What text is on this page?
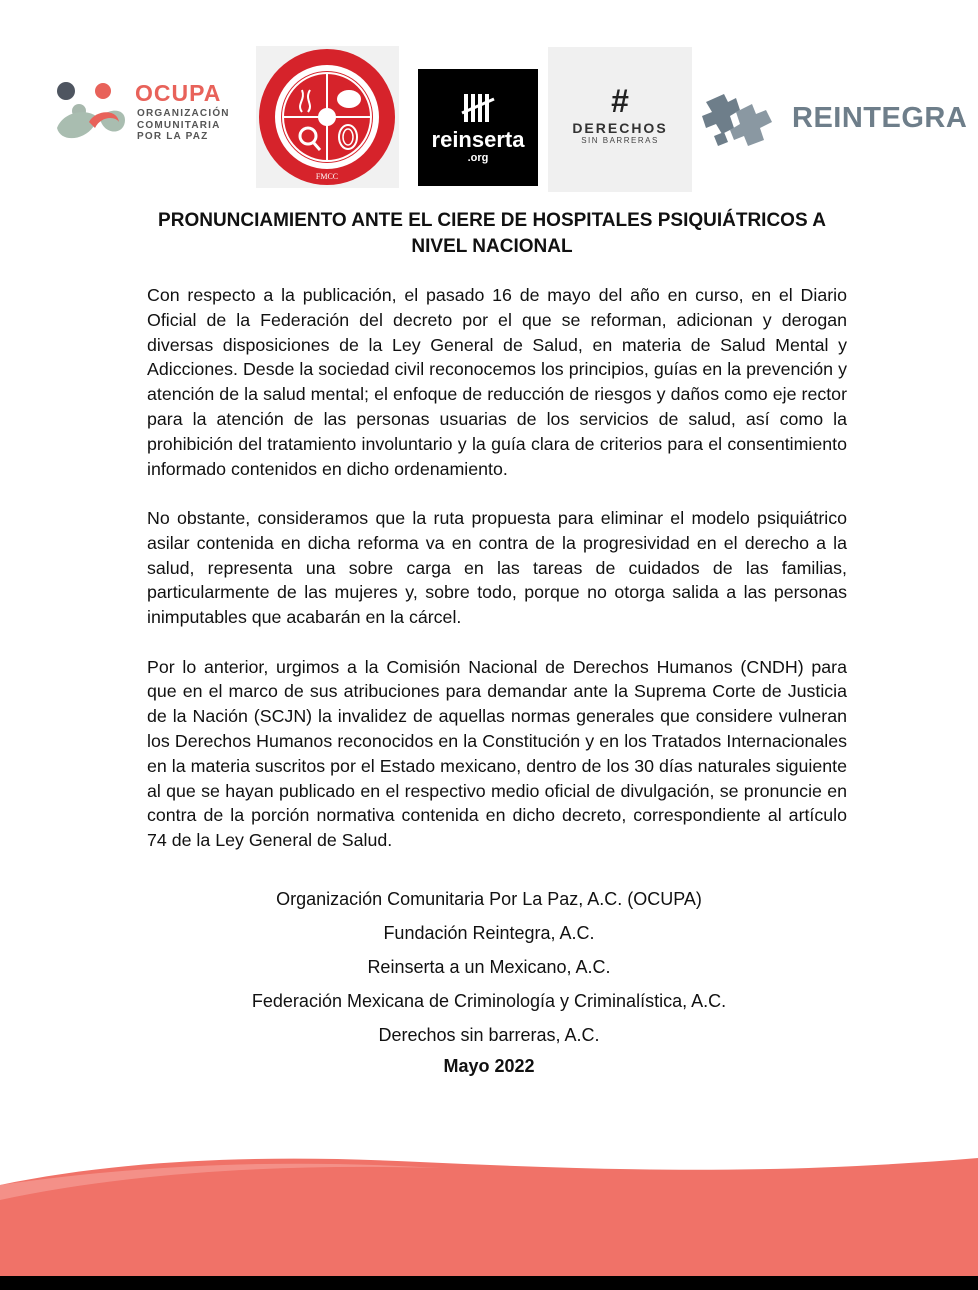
OCUPA
ORGANIZACIÓN
COMUNITARIA
POR LA PAZ
FMCC
reinserta
.org
#
DERECHOS
SIN BARRERAS
REINTEGRA
PRONUNCIAMIENTO ANTE EL CIERE DE HOSPITALES PSIQUIÁTRICOS A NIVEL NACIONAL

Con respecto a la publicación, el pasado 16 de mayo del año en curso, en el Diario Oficial de la Federación del decreto por el que se reforman, adicionan y derogan diversas disposiciones de la Ley General de Salud, en materia de Salud Mental y Adicciones. Desde la sociedad civil reconocemos los principios, guías en la prevención y atención de la salud mental; el enfoque de reducción de riesgos y daños como eje rector para la atención de las personas usuarias de los servicios de salud, así como la prohibición del tratamiento involuntario y la guía clara de criterios para el consentimiento informado contenidos en dicho ordenamiento.

No obstante, consideramos que la ruta propuesta para eliminar el modelo psiquiátrico asilar contenida en dicha reforma va en contra de la progresividad en el derecho a la salud, representa una sobre carga en las tareas de cuidados de las familias, particularmente de las mujeres y, sobre todo, porque no otorga salida a las personas inimputables que acabarán en la cárcel.

Por lo anterior, urgimos a la Comisión Nacional de Derechos Humanos (CNDH) para que en el marco de sus atribuciones para demandar ante la Suprema Corte de Justicia de la Nación (SCJN) la invalidez de aquellas normas generales que considere vulneran los Derechos Humanos reconocidos en la Constitución y en los Tratados Internacionales en la materia suscritos por el Estado mexicano, dentro de los 30 días naturales siguiente al que se hayan publicado en el respectivo medio oficial de divulgación, se pronuncie en contra de la porción normativa contenida en dicho decreto, correspondiente al artículo 74 de la Ley General de Salud.

Organización Comunitaria Por La Paz, A.C. (OCUPA)
Fundación Reintegra, A.C.
Reinserta a un Mexicano, A.C.
Federación Mexicana de Criminología y Criminalística, A.C.
Derechos sin barreras, A.C.
Mayo 2022
